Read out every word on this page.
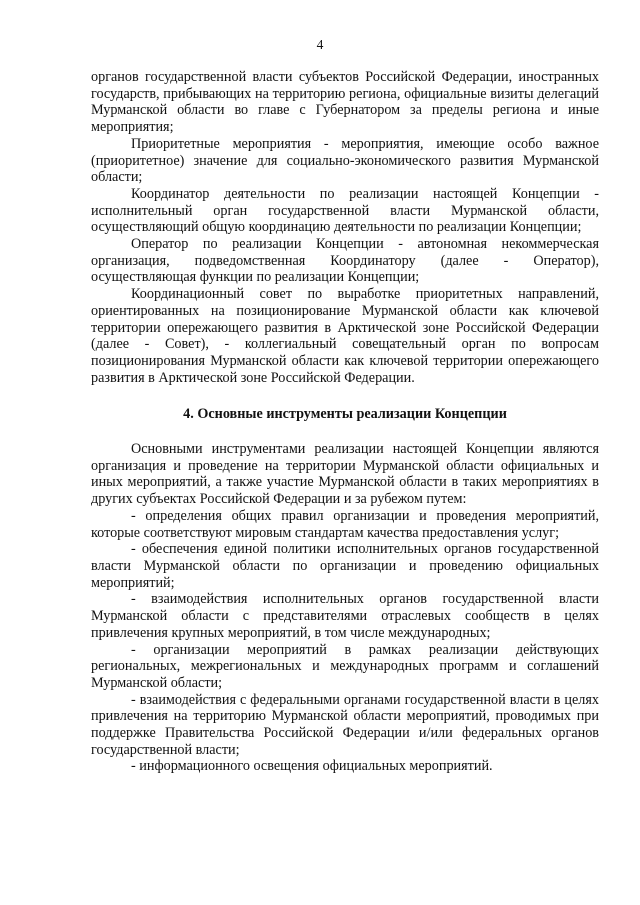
4

органов государственной власти субъектов Российской Федерации, иностранных государств, прибывающих на территорию региона, официальные визиты делегаций Мурманской области во главе с Губернатором за пределы региона и иные мероприятия;

Приоритетные мероприятия - мероприятия, имеющие особо важное (приоритетное) значение для социально-экономического развития Мурманской области;

Координатор деятельности по реализации настоящей Концепции - исполнительный орган государственной власти Мурманской области, осуществляющий общую координацию деятельности по реализации Концепции;

Оператор по реализации Концепции - автономная некоммерческая организация, подведомственная Координатору (далее - Оператор), осуществляющая функции по реализации Концепции;

Координационный совет по выработке приоритетных направлений, ориентированных на позиционирование Мурманской области как ключевой территории опережающего развития в Арктической зоне Российской Федерации (далее - Совет), - коллегиальный совещательный орган по вопросам позиционирования Мурманской области как ключевой территории опережающего развития в Арктической зоне Российской Федерации.

4. Основные инструменты реализации Концепции

Основными инструментами реализации настоящей Концепции являются организация и проведение на территории Мурманской области официальных и иных мероприятий, а также участие Мурманской области в таких мероприятиях в других субъектах Российской Федерации и за рубежом путем:

- определения общих правил организации и проведения мероприятий, которые соответствуют мировым стандартам качества предоставления услуг;

- обеспечения единой политики исполнительных органов государственной власти Мурманской области по организации и проведению официальных мероприятий;

- взаимодействия исполнительных органов государственной власти Мурманской области с представителями отраслевых сообществ в целях привлечения крупных мероприятий, в том числе международных;

- организации мероприятий в рамках реализации действующих региональных, межрегиональных и международных программ и соглашений Мурманской области;

- взаимодействия с федеральными органами государственной власти в целях привлечения на территорию Мурманской области мероприятий, проводимых при поддержке Правительства Российской Федерации и/или федеральных органов государственной власти;

- информационного освещения официальных мероприятий.
